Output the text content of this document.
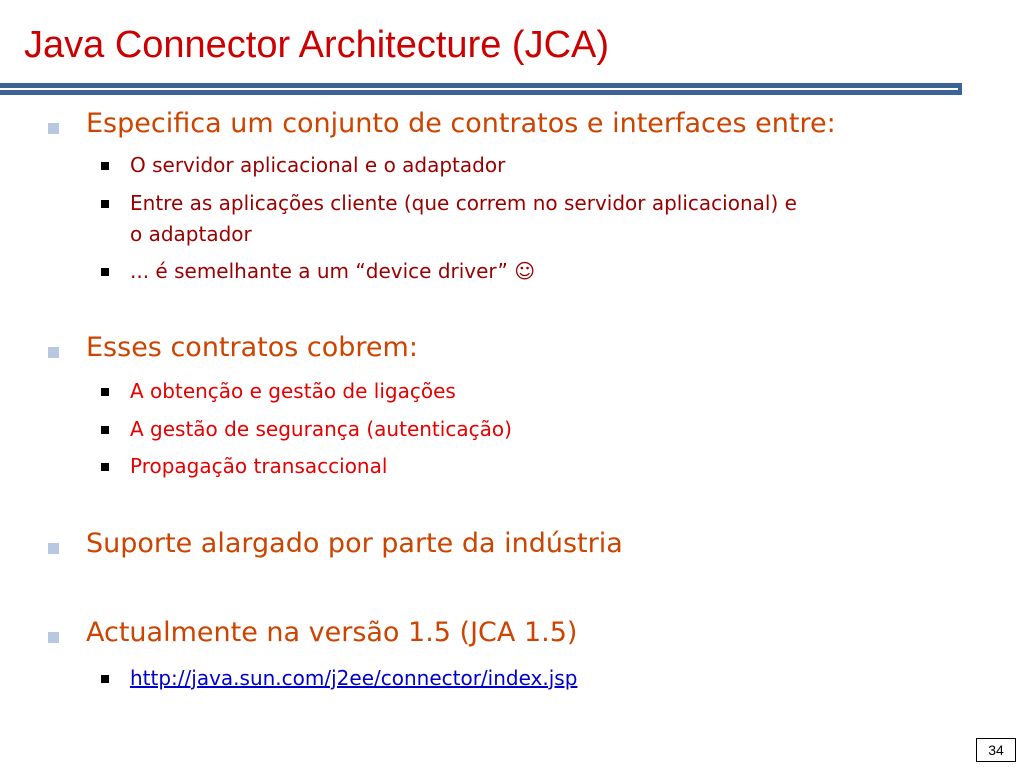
Java Connector Architecture (JCA)
Especifica um conjunto de contratos e interfaces entre:
O servidor aplicacional e o adaptador
Entre as aplicações cliente (que correm no servidor aplicacional) e
o adaptador
... é semelhante a um “device driver” ☺
Esses contratos cobrem:
A obtenção e gestão de ligações
A gestão de segurança (autenticação)
Propagação transaccional
Suporte alargado por parte da indústria
Actualmente na versão 1.5 (JCA 1.5)
http://java.sun.com/j2ee/connector/index.jsp
34
